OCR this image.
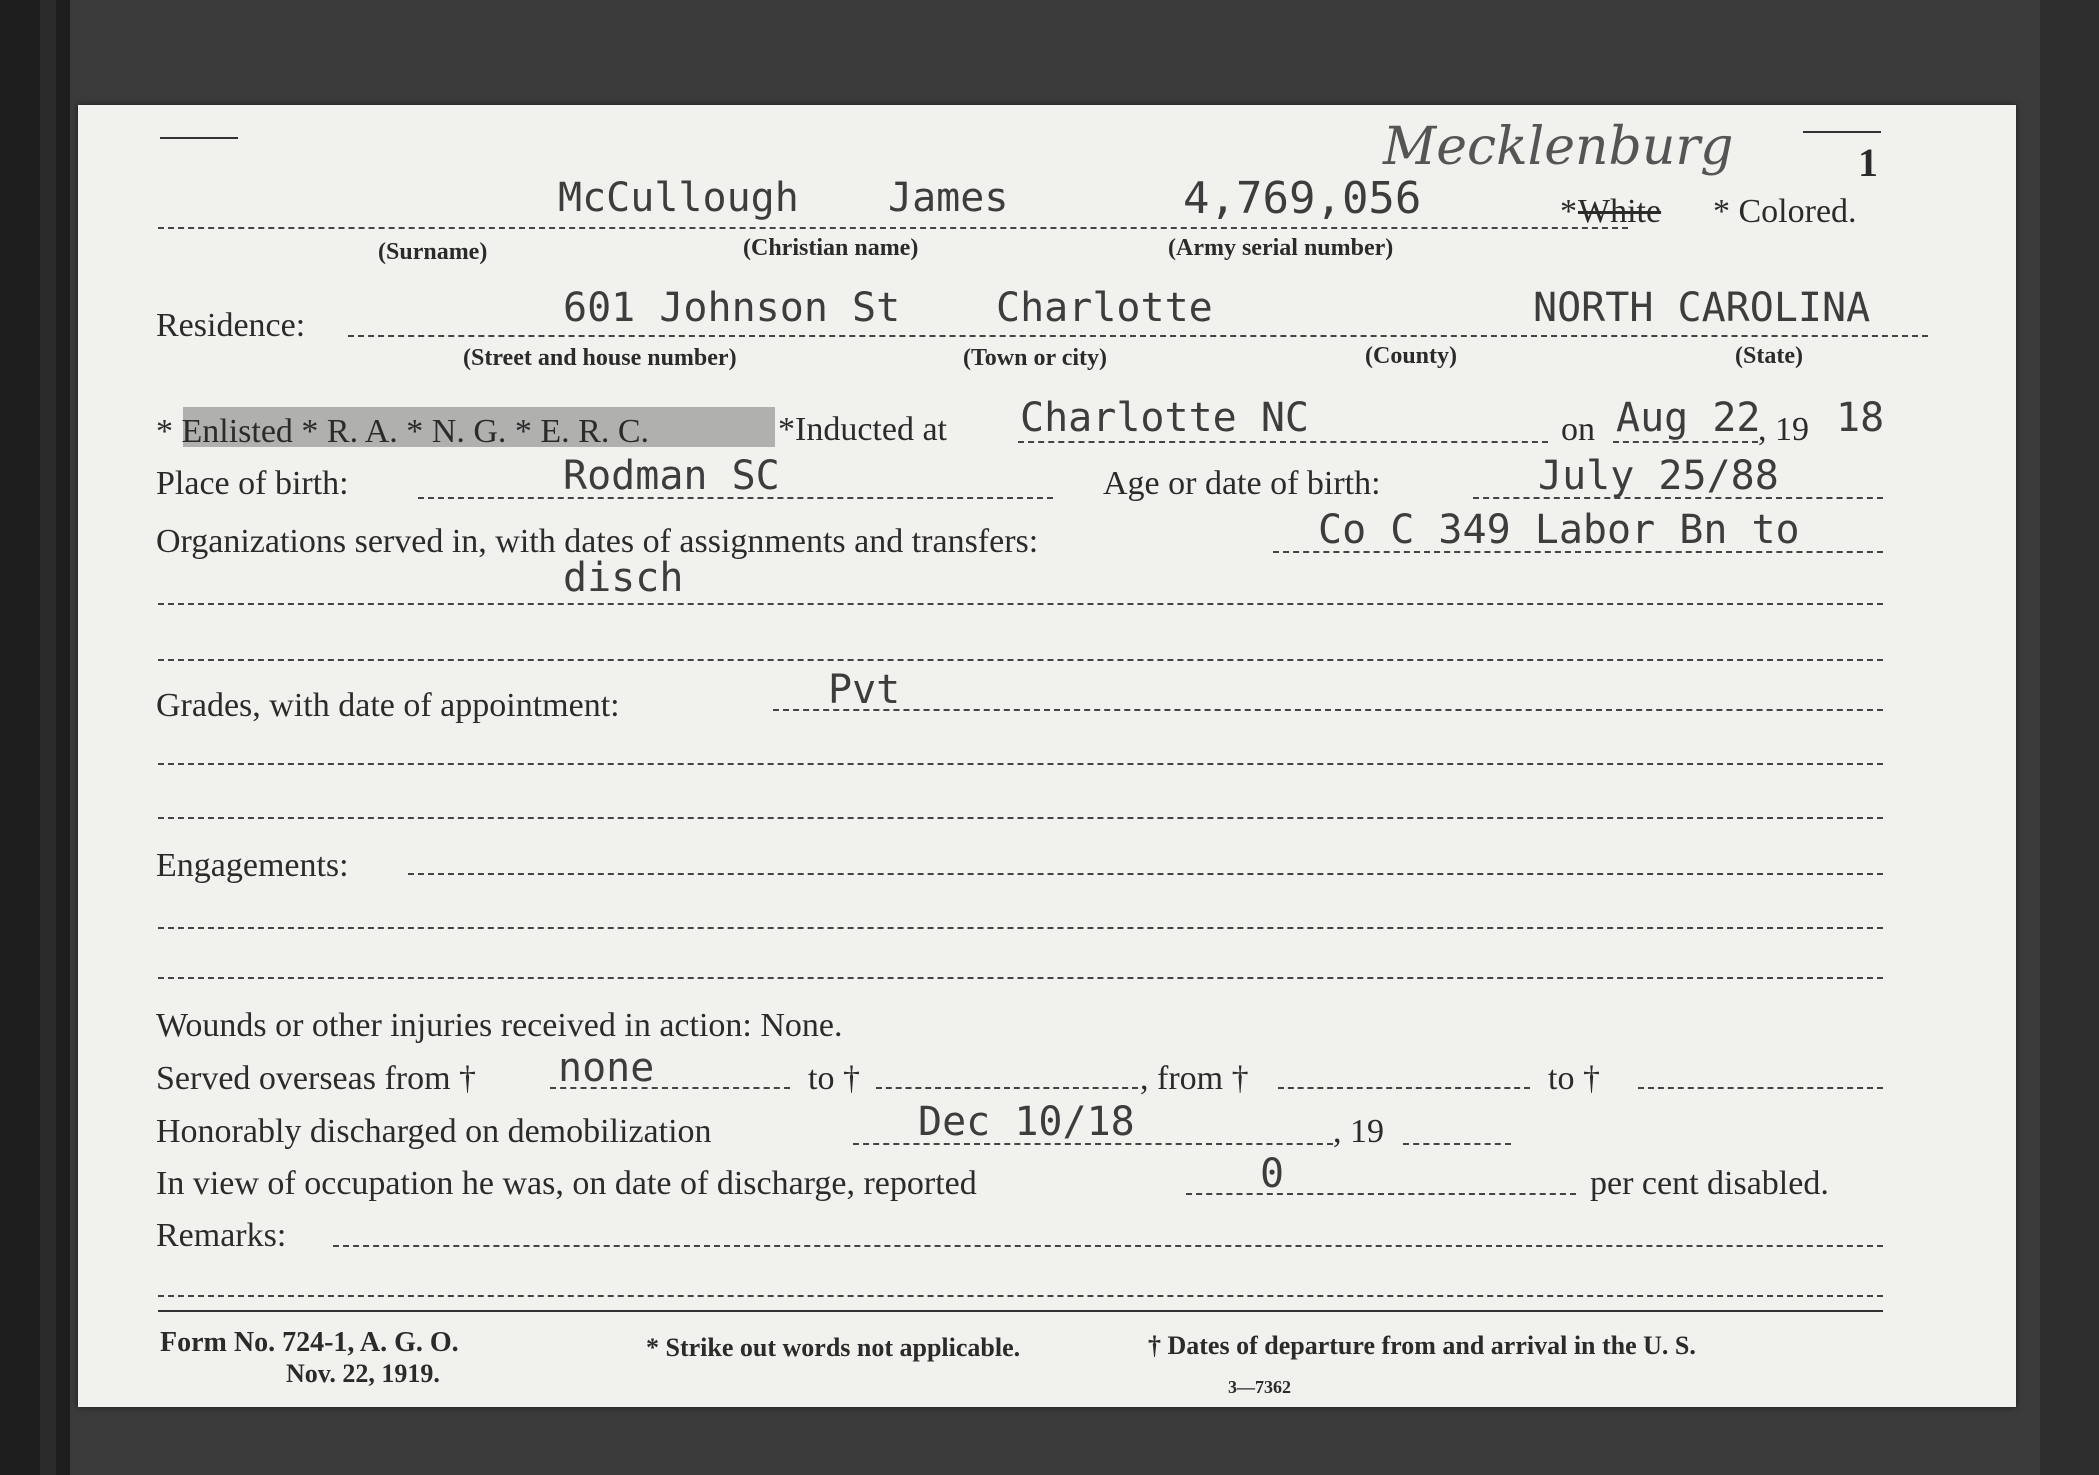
1
Mecklenburg
McCullough James	4,769,056	* White * Colored.
(Surname)	(Christian name)	(Army serial number)
Residence:	601 Johnson St Charlotte	NORTH CAROLINA
(Street and house number)	(Town or city)	(County)	(State)
* Enlisted * R. A. * N. G. * E. R. C.	*Inducted at Charlotte NC	on Aug 22
, 19 18
Place of birth:	Rodman SC	Age or date of birth:	July 25/88
Organizations served in, with dates of assignments and transfers:	Co C 349 Labor Bn to
disch
Grades, with date of appointment:	Pvt
Engagements:
Wounds or other injuries received in action: None.
Served overseas from † none	to †	, from †	to †
Honorably discharged on demobilization	Dec 10/18	, 19
In view of occupation he was, on date of discharge, reported	0	per cent disabled.
Remarks:
Form No. 724-1, A. G. O.
Nov. 22, 1919.
* Strike out words not applicable.	† Dates of departure from and arrival in the U. S.
3—7362
